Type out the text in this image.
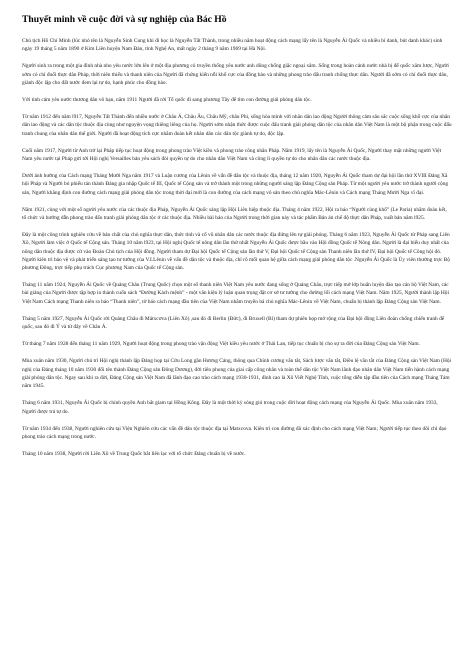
Thuyết minh về cuộc đời và sự nghiệp của Bác Hồ

Chủ tịch Hồ Chí Minh (lúc nhỏ tên là Nguyễn Sinh Cung khi đi học là Nguyễn Tất Thành, trong nhiều năm hoạt động cách mạng lấy tên là Nguyễn Ái Quốc và nhiều bí danh, bút danh khác) sinh ngày 19 tháng 5 năm 1890 ở Kim Liên huyện Nam Đàn, tỉnh Nghệ An, mất ngày 2 tháng 9 năm 1969 tại Hà Nội.

Người sinh ra trong một gia đình nhà nho yêu nước lớn lên ở một địa phương có truyền thống yêu nước anh dũng chống giặc ngoại xâm. Sống trong hoàn cảnh nước nhà bị đế quốc xâm lược, Người sớm có chí đuổi thực dân Pháp, thời niên thiếu và thanh niên của Người đã chứng kiến nỗi khổ cực của đồng bào và những phong trào đấu tranh chống thực dân. Người đã sớm có chí đuổi thực dân, giành độc lập cho đất nước đem lại tự do, hạnh phúc cho đồng bào.

Với tinh cảm yêu nước thương dân vô hạn, năm 1911 Người đã rời Tổ quốc đi sang phương Tây để tìm con đường giải phóng dân tộc.

Từ năm 1912 đến năm l917, Nguyễn Tất Thành đến nhiều nước ở Châu Á, Châu Âu, Châu Mỹ, châu Phi, sống hòa mình với nhân dân lao động Người thông cảm sâu sắc cuộc sống khổ cực của nhân dân lao động và các dân tộc thuộc địa cùng như nguyện vọng thiêng liêng của họ. Người sớm nhận thức được cuộc đấu tranh giải phóng dân tộc của nhân dân Việt Nam là một bộ phận trong cuộc đấu tranh chung của nhân dân thế giới. Người đã hoạt động tích cực nhằm đoàn kết nhân dân các dân tộc giành tự do, độc lập.

Cuối năm 1917, Người từ Anh trở lại Pháp tiếp tục hoạt động trong phong trào Việt kiều và phong trào công nhân Pháp. Năm 1919, lấy tên là Nguyễn Ái Quốc, Người thay mặt những người Việt Nam yêu nước tại Pháp gửi tới Hội nghị Versailles bản yêu sách đòi quyền tự do cho nhân dân Việt Nam và công lì quyền tự do cho nhân dân các nước thuộc địa.

Dưới ảnh hưởng của Cách mạng Tháng Mười Nga năm 1917 và Luận cương của Lênin về vấn đề dân tộc và thuộc địa, tháng 12 năm 1920, Nguyễn Ái Quốc tham dự đại hội lần thứ XVIII Đảng Xã hội Pháp và Người bỏ phiếu tán thành Đảng gia nhập Quốc tế III, Quốc tế Cộng sản và trở thành một trong những người sáng lập Đảng Cộng sản Pháp. Từ một người yêu nước trở thành người cộng sản, Người khẳng định con đường cách mạng giải phóng dân tộc trong thời đại mới là con đường của cách mạng vô sản theo chủ nghĩa Mác-Lênin và Cách mạng Tháng Mười Nga vĩ đại.

Năm 1921, cùng với một số người yêu nước của các thuộc địa Pháp, Nguyễn Ái Quốc sáng lập Hội Liên hiệp thuộc địa. Tháng 4 năm 1922, Hội ra báo “Người cùng khổ” (Le Paria) nhằm đoàn kết, tổ chức và hướng dẫn phong trào đấu tranh giải phóng dân tộc ở các thuộc địa. Nhiều bài báo của Người trong thời gian này và tác phẩm Bản án chế độ thực dân Pháp, xuất bản năm l925.

Đây là một công trình nghiên cứu về bản chất của chủ nghĩa thực dân, thức tỉnh và cổ vũ nhân dân các nước thuộc địa đứng lên tự giải phóng. Tháng 6 năm 1923, Nguyễn Ái Quốc từ Pháp sang Liên Xô, Người làm việc ở Quốc tế Cộng sản. Tháng 10 năm l923, tại Hội nghị Quốc tế nông dân lần thứ nhất Nguyễn Ái Quốc được bầu vào Hội đồng Quốc tế Nông dân. Người là đại biểu duy nhất của nông dân thuộc địa được cử vào Đoàn Chủ tịch của Hội đồng. Người tham dự Đại hội Quốc tế Cộng sản lần thứ V, Đại hội Quốc tế Cộng sản Thanh niên lần thứ IV, Đại hội Quốc tế Công hội đỏ. Người kiên trì bảo vệ và phát triển sáng tạo tư tưởng của V.I.Lênin về vấn đề dân tộc và thuộc địa, chỉ rõ mối quan hệ giữa cách mạng giải phóng dân tộc .Nguyễn Ái Quốc là Ủy viên thường trực Bộ phương Đông, trực tiếp phụ trách Cục phương Nam của Quốc tế Cộng sản.

Tháng 11 năm 1924, Nguyễn Ái Quốc về Quảng Châu (Trung Quốc) chọn một số thanh niên Việt Nam yêu nước đang sống ở Quảng Châu, trực tiếp mở lớp huấn luyện đào tạo cán bộ Việt Nam, các bài giảng của Người được tập hợp in thành cuốn sách “Đường Kách mệnh” - một văn kiện lý luận quan trọng đặt cơ sở tư tưởng cho đường lối cách mạng Việt Nam. Năm 1925, Người thành lập Hội Việt Nam Cách mạng Thanh niên ra báo “Thanh niên”, tờ báo cách mạng đầu tiên của Việt Nam nhằm truyền bá chủ nghĩa Mác-Lênin về Việt Nam, chuẩn bị thành lập Đảng Cộng sản Việt Nam.

Tháng 5 năm 1927, Nguyễn Ái Quốc rời Quảng Châu đi Mátxcơva (Liên Xô) ,sau đó đi Berlin (Đức), đi Bruxell (Bỉ) tham dự phiên họp mở rộng của Đại hội đồng Liên đoàn chống chiến tranh đế quốc, sau đó đi Ý và từ đây về Châu Á.

Từ tháng 7 năm 1928 đến tháng 11 năm 1929, Người hoạt động trong phong trào vận động Việt kiều yêu nước ở Thái Lan, tiếp tục chuẩn bị cho sự ra đời của Đảng Cộng sản Việt Nam.

Mùa xuân năm 1930, Người chủ trì Hội nghị thành lập Đảng họp tại Cửu Long gần Hương Cảng, thông qua Chính cương vắn tắt, Sách lược vắn tắt, Điều lệ vắn tắt của Đảng Cộng sản Việt Nam (Hội nghị của Đảng tháng 10 năm 1930 đổi tên thành Đảng Cộng sản Đông Dương), đời tiên phong của giai cấp công nhân và toàn thể dân tộc Việt Nam lãnh đạo nhân dân Việt Nam tiến hành cách mạng giải phóng dân tộc. Ngay sau khi ra đời, Đảng Cộng sản Việt Nam đã lãnh đạo cao trào cách mạng 1930-1931, đỉnh cao là Xô Viết Nghệ Tĩnh, cuộc tổng diễn tập đầu tiên của Cách mạng Tháng Tám năm 1945.

Tháng 6 năm 1931, Nguyễn Ái Quốc bị chính quyền Anh bắt giam tại Hồng Kông. Đây là một thời kỳ sóng gió trong cuộc đời hoạt động cách mạng của Nguyễn Ái Quốc. Mùa xuân năm 1933, Người được trả tự do.

Từ năm 1934 đến 1938, Người nghiên cứu tại Viện Nghiên cứu các vấn đề dân tộc thuộc địa tại Matxcova. Kiên trì con đường đã xác định cho cách mạng Việt Nam; Người tiếp tục theo dõi chỉ đạo phong trào cách mạng trong nước.

Tháng 10 năm 1938, Người rời Liên Xô về Trung Quốc bắt liên lạc với tổ chức Đảng chuẩn bị về nước.
